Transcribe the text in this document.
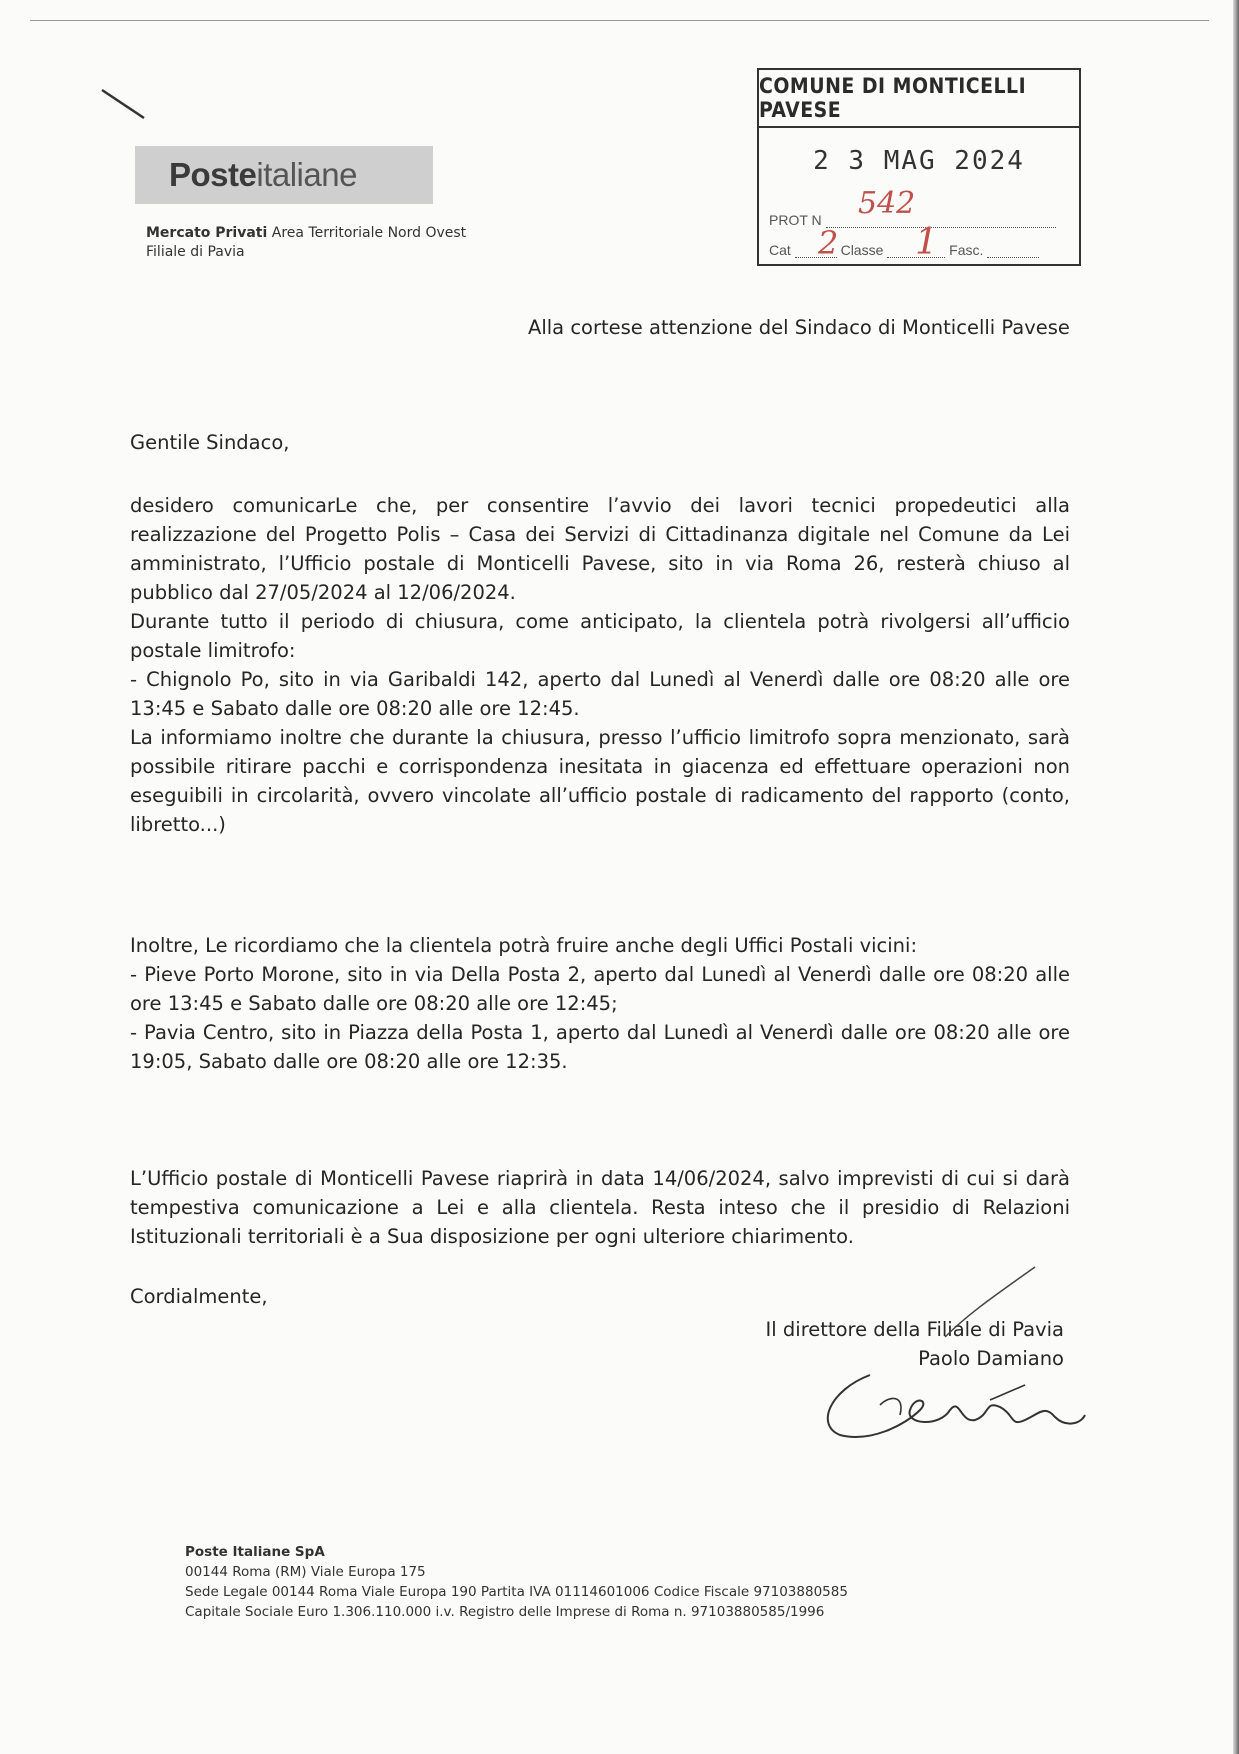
Poste italiane
Mercato Privati Area Territoriale Nord Ovest
Filiale di Pavia
COMUNE DI MONTICELLI PAVESE
2 3 MAG 2024
PROT N
Cat	Classe	Fasc.
542
2 1
Alla cortese attenzione del Sindaco di Monticelli Pavese
Gentile Sindaco,
desidero comunicarLe che, per consentire l’avvio dei lavori tecnici propedeutici alla realizzazione del Progetto Polis – Casa dei Servizi di Cittadinanza digitale nel Comune da Lei amministrato, l’Ufficio postale di Monticelli Pavese, sito in via Roma 26, resterà chiuso al pubblico dal 27/05/2024 al 12/06/2024.
Durante tutto il periodo di chiusura, come anticipato, la clientela potrà rivolgersi all’ufficio postale limitrofo:
- Chignolo Po, sito in via Garibaldi 142, aperto dal Lunedì al Venerdì dalle ore 08:20 alle ore 13:45 e Sabato dalle ore 08:20 alle ore 12:45.
La informiamo inoltre che durante la chiusura, presso l’ufficio limitrofo sopra menzionato, sarà possibile ritirare pacchi e corrispondenza inesitata in giacenza ed effettuare operazioni non eseguibili in circolarità, ovvero vincolate all’ufficio postale di radicamento del rapporto (conto, libretto...)
Inoltre, Le ricordiamo che la clientela potrà fruire anche degli Uffici Postali vicini:
- Pieve Porto Morone, sito in via Della Posta 2, aperto dal Lunedì al Venerdì dalle ore 08:20 alle ore 13:45 e Sabato dalle ore 08:20 alle ore 12:45;
- Pavia Centro, sito in Piazza della Posta 1, aperto dal Lunedì al Venerdì dalle ore 08:20 alle ore 19:05, Sabato dalle ore 08:20 alle ore 12:35.
L’Ufficio postale di Monticelli Pavese riaprirà in data 14/06/2024, salvo imprevisti di cui si darà tempestiva comunicazione a Lei e alla clientela. Resta inteso che il presidio di Relazioni Istituzionali territoriali è a Sua disposizione per ogni ulteriore chiarimento.
Cordialmente,
Il direttore della Filiale di Pavia
Paolo Damiano
Poste Italiane SpA
00144 Roma (RM) Viale Europa 175
Sede Legale 00144 Roma Viale Europa 190 Partita IVA 01114601006 Codice Fiscale 97103880585
Capitale Sociale Euro 1.306.110.000 i.v. Registro delle Imprese di Roma n. 97103880585/1996
